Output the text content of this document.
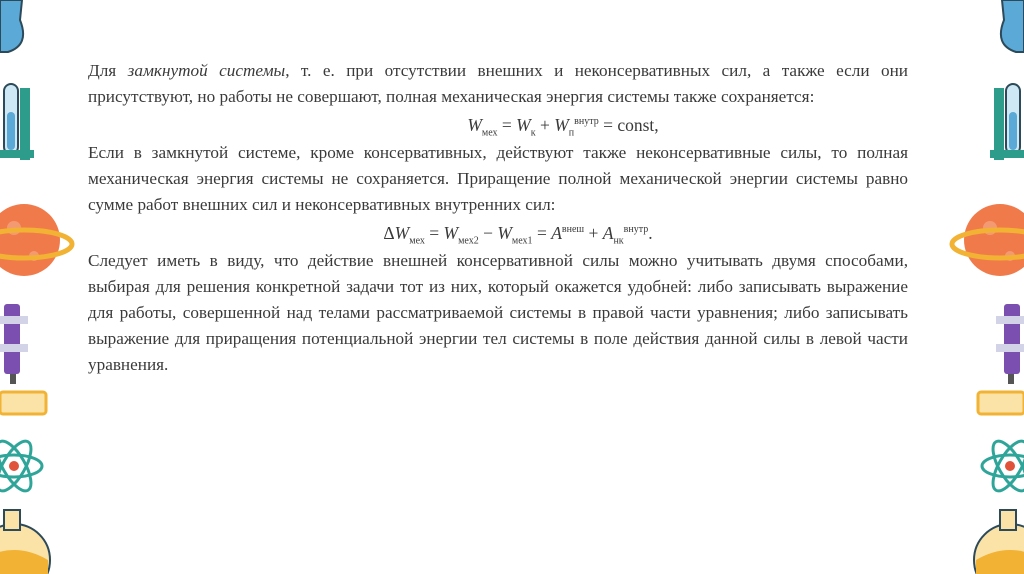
Для замкнутой системы, т. е. при отсутствии внешних и неконсервативных сил, а также если они присутствуют, но работы не совершают, полная механическая энергия системы также сохраняется:

$W_{мех} = W_к + W_п^{внутр}$ = const,

Если в замкнутой системе, кроме консервативных, действуют также неконсервативные силы, то полная механическая энергия системы не сохраняется. Приращение полной механической энергии системы равно сумме работ внешних сил и неконсервативных внутренних сил:

$\Delta W_{мех} = W_{мех2} - W_{мех1} = A^{внеш} + A_{нк}^{внутр}$.

Следует иметь в виду, что действие внешней консервативной силы можно учитывать двумя способами, выбирая для решения конкретной задачи тот из них, который окажется удобней: либо записывать выражение для работы, совершенной над телами рассматриваемой системы в правой части уравнения; либо записывать выражение для приращения потенциальной энергии тел системы в поле действия данной силы в левой части уравнения.
